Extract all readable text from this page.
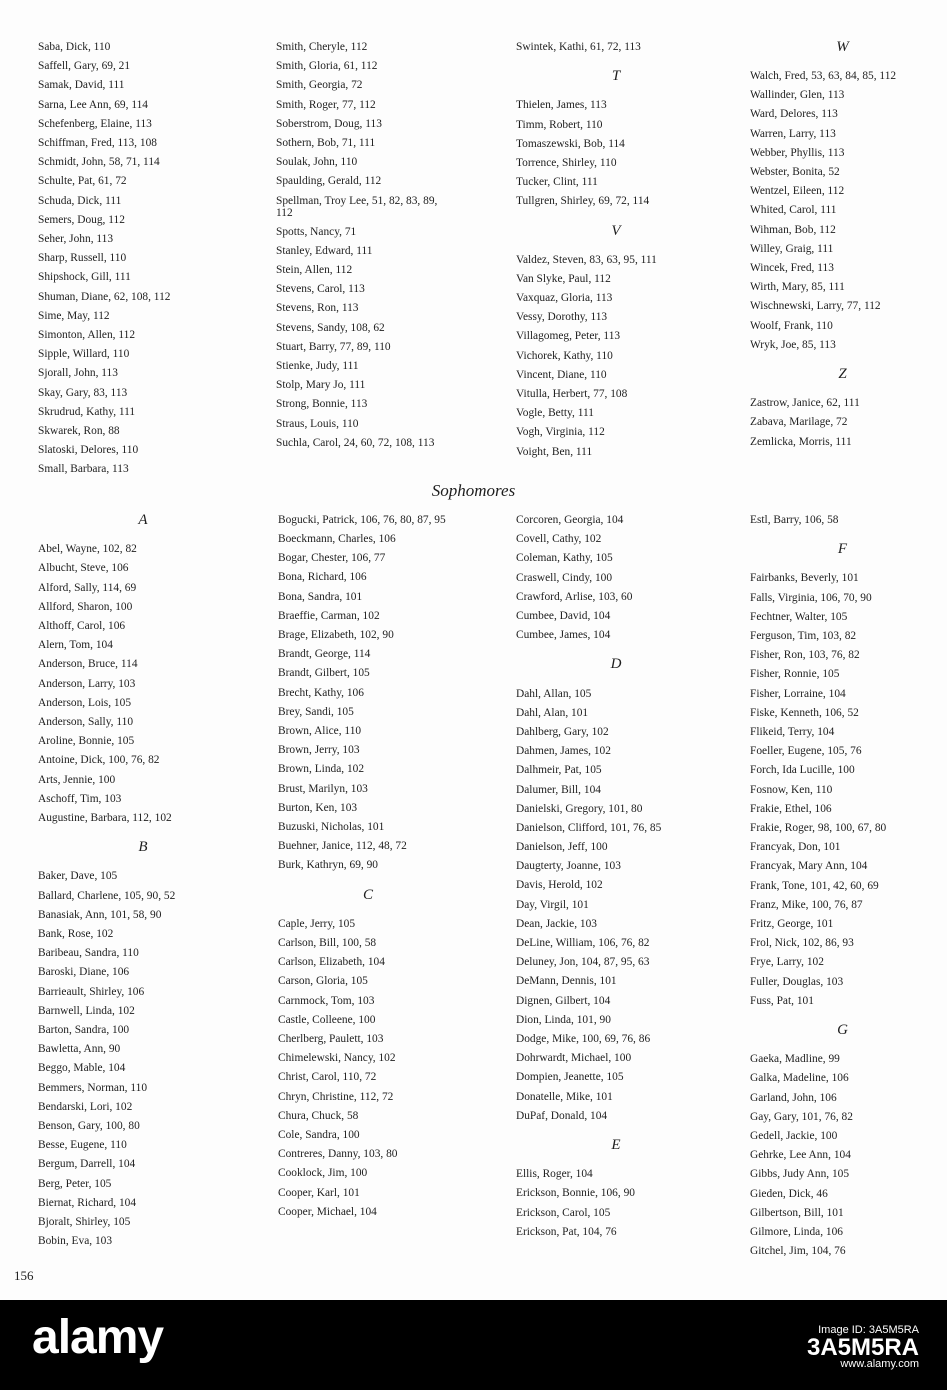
Saba, Dick, 110
Saffell, Gary, 69, 21
Samak, David, 111
Sarna, Lee Ann, 69, 114
Schefenberg, Elaine, 113
Schiffman, Fred, 113, 108
Schmidt, John, 58, 71, 114
Schulte, Pat, 61, 72
Schuda, Dick, 111
Semers, Doug, 112
Seher, John, 113
Sharp, Russell, 110
Shipshock, Gill, 111
Shuman, Diane, 62, 108, 112
Sime, May, 112
Simonton, Allen, 112
Sipple, Willard, 110
Sjorall, John, 113
Skay, Gary, 83, 113
Skrudrud, Kathy, 111
Skwarek, Ron, 88
Slatoski, Delores, 110
Small, Barbara, 113
Smith, Cheryle, 112
Smith, Gloria, 61, 112
Smith, Georgia, 72
Smith, Roger, 77, 112
Soberstrom, Doug, 113
Sothern, Bob, 71, 111
Soulak, John, 110
Spaulding, Gerald, 112
Spellman, Troy Lee, 51, 82, 83, 89, 112
Spotts, Nancy, 71
Stanley, Edward, 111
Stein, Allen, 112
Stevens, Carol, 113
Stevens, Ron, 113
Stevens, Sandy, 108, 62
Stuart, Barry, 77, 89, 110
Stienke, Judy, 111
Stolp, Mary Jo, 111
Strong, Bonnie, 113
Straus, Louis, 110
Suchla, Carol, 24, 60, 72, 108, 113
Swintek, Kathi, 61, 72, 113
T
Thielen, James, 113
Timm, Robert, 110
Tomaszewski, Bob, 114
Torrence, Shirley, 110
Tucker, Clint, 111
Tullgren, Shirley, 69, 72, 114
V
Valdez, Steven, 83, 63, 95, 111
Van Slyke, Paul, 112
Vaxquaz, Gloria, 113
Vessy, Dorothy, 113
Villagomeg, Peter, 113
Vichorek, Kathy, 110
Vincent, Diane, 110
Vitulla, Herbert, 77, 108
Vogle, Betty, 111
Vogh, Virginia, 112
Voight, Ben, 111
W
Walch, Fred, 53, 63, 84, 85, 112
Wallinder, Glen, 113
Ward, Delores, 113
Warren, Larry, 113
Webber, Phyllis, 113
Webster, Bonita, 52
Wentzel, Eileen, 112
Whited, Carol, 111
Wihman, Bob, 112
Willey, Graig, 111
Wincek, Fred, 113
Wirth, Mary, 85, 111
Wischnewski, Larry, 77, 112
Woolf, Frank, 110
Wryk, Joe, 85, 113
Z
Zastrow, Janice, 62, 111
Zabava, Marilage, 72
Zemlicka, Morris, 111
Sophomores
A
Abel, Wayne, 102, 82
Albucht, Steve, 106
Alford, Sally, 114, 69
Allford, Sharon, 100
Althoff, Carol, 106
Alern, Tom, 104
Anderson, Bruce, 114
Anderson, Larry, 103
Anderson, Lois, 105
Anderson, Sally, 110
Aroline, Bonnie, 105
Antoine, Dick, 100, 76, 82
Arts, Jennie, 100
Aschoff, Tim, 103
Augustine, Barbara, 112, 102
B
Baker, Dave, 105
Ballard, Charlene, 105, 90, 52
Banasiak, Ann, 101, 58, 90
Bank, Rose, 102
Baribeau, Sandra, 110
Baroski, Diane, 106
Barrieault, Shirley, 106
Barnwell, Linda, 102
Barton, Sandra, 100
Bawletta, Ann, 90
Beggo, Mable, 104
Bemmers, Norman, 110
Bendarski, Lori, 102
Benson, Gary, 100, 80
Besse, Eugene, 110
Bergum, Darrell, 104
Berg, Peter, 105
Biernat, Richard, 104
Bjoralt, Shirley, 105
Bobin, Eva, 103
Bogucki, Patrick, 106, 76, 80, 87, 95
Boeckmann, Charles, 106
Bogar, Chester, 106, 77
Bona, Richard, 106
Bona, Sandra, 101
Braeffie, Carman, 102
Brage, Elizabeth, 102, 90
Brandt, George, 114
Brandt, Gilbert, 105
Brecht, Kathy, 106
Brey, Sandi, 105
Brown, Alice, 110
Brown, Jerry, 103
Brown, Linda, 102
Brust, Marilyn, 103
Burton, Ken, 103
Buzuski, Nicholas, 101
Buehner, Janice, 112, 48, 72
Burk, Kathryn, 69, 90
C
Caple, Jerry, 105
Carlson, Bill, 100, 58
Carlson, Elizabeth, 104
Carson, Gloria, 105
Carnmock, Tom, 103
Castle, Colleene, 100
Cherlberg, Paulett, 103
Chimelewski, Nancy, 102
Christ, Carol, 110, 72
Chryn, Christine, 112, 72
Chura, Chuck, 58
Cole, Sandra, 100
Contreres, Danny, 103, 80
Cooklock, Jim, 100
Cooper, Karl, 101
Cooper, Michael, 104
Corcoren, Georgia, 104
Covell, Cathy, 102
Coleman, Kathy, 105
Craswell, Cindy, 100
Crawford, Arlise, 103, 60
Cumbee, David, 104
Cumbee, James, 104
D
Dahl, Allan, 105
Dahl, Alan, 101
Dahlberg, Gary, 102
Dahmen, James, 102
Dalhmeir, Pat, 105
Dalumer, Bill, 104
Danielski, Gregory, 101, 80
Danielson, Clifford, 101, 76, 85
Danielson, Jeff, 100
Daugterty, Joanne, 103
Davis, Herold, 102
Day, Virgil, 101
Dean, Jackie, 103
DeLine, William, 106, 76, 82
Deluney, Jon, 104, 87, 95, 63
DeMann, Dennis, 101
Dignen, Gilbert, 104
Dion, Linda, 101, 90
Dodge, Mike, 100, 69, 76, 86
Dohrwardt, Michael, 100
Dompien, Jeanette, 105
Donatelle, Mike, 101
DuPaf, Donald, 104
E
Ellis, Roger, 104
Erickson, Bonnie, 106, 90
Erickson, Carol, 105
Erickson, Pat, 104, 76
Estl, Barry, 106, 58
F
Fairbanks, Beverly, 101
Falls, Virginia, 106, 70, 90
Fechtner, Walter, 105
Ferguson, Tim, 103, 82
Fisher, Ron, 103, 76, 82
Fisher, Ronnie, 105
Fisher, Lorraine, 104
Fiske, Kenneth, 106, 52
Flikeid, Terry, 104
Foeller, Eugene, 105, 76
Forch, Ida Lucille, 100
Fosnow, Ken, 110
Frakie, Ethel, 106
Frakie, Roger, 98, 100, 67, 80
Francyak, Don, 101
Francyak, Mary Ann, 104
Frank, Tone, 101, 42, 60, 69
Franz, Mike, 100, 76, 87
Fritz, George, 101
Frol, Nick, 102, 86, 93
Frye, Larry, 102
Fuller, Douglas, 103
Fuss, Pat, 101
G
Gaeka, Madline, 99
Galka, Madeline, 106
Garland, John, 106
Gay, Gary, 101, 76, 82
Gedell, Jackie, 100
Gehrke, Lee Ann, 104
Gibbs, Judy Ann, 105
Gieden, Dick, 46
Gilbertson, Bill, 101
Gilmore, Linda, 106
Gitchel, Jim, 104, 76
156
alamy	Image ID: 3A5M5RA
3A5M5RA
www.alamy.com
